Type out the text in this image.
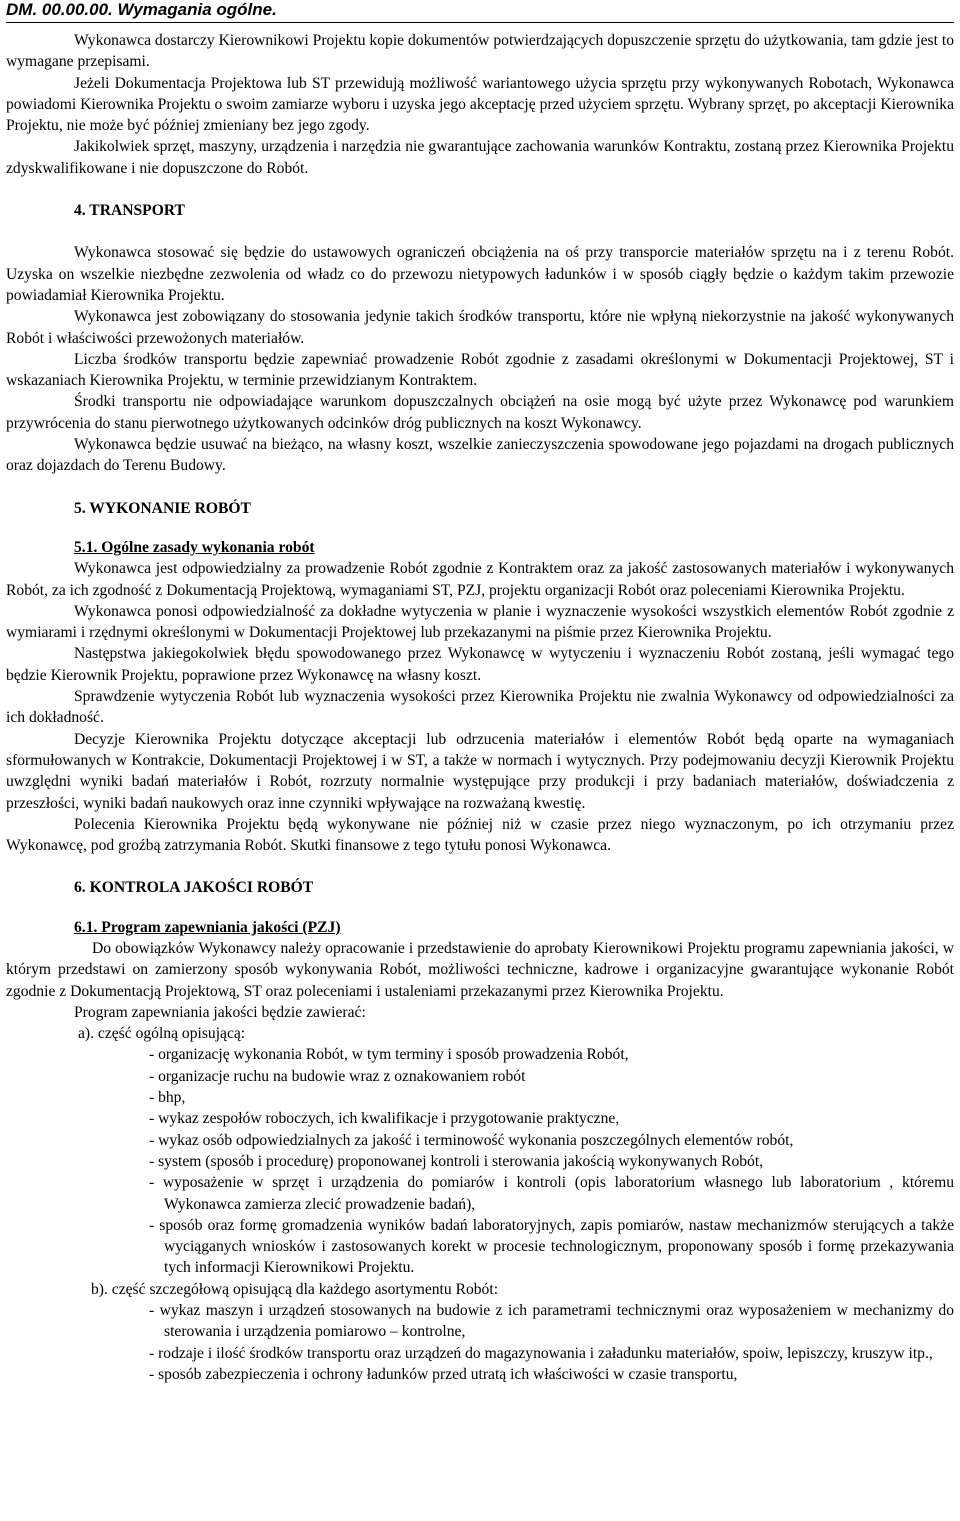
DM. 00.00.00. Wymagania ogólne.

Wykonawca dostarczy Kierownikowi Projektu kopie dokumentów potwierdzających dopuszczenie sprzętu do użytkowania, tam gdzie jest to wymagane przepisami.

Jeżeli Dokumentacja Projektowa lub ST przewidują możliwość wariantowego użycia sprzętu przy wykonywanych Robotach, Wykonawca powiadomi Kierownika Projektu o swoim zamiarze wyboru i uzyska jego akceptację przed użyciem sprzętu. Wybrany sprzęt, po akceptacji Kierownika Projektu, nie może być później zmieniany bez jego zgody.

Jakikolwiek sprzęt, maszyny, urządzenia i narzędzia nie gwarantujące zachowania warunków Kontraktu, zostaną przez Kierownika Projektu zdyskwalifikowane i nie dopuszczone do Robót.

4. TRANSPORT

Wykonawca stosować się będzie do ustawowych ograniczeń obciążenia na oś przy transporcie materiałów sprzętu na i z terenu Robót. Uzyska on wszelkie niezbędne zezwolenia od władz co do przewozu nietypowych ładunków i w sposób ciągły będzie o każdym takim przewozie powiadamiał Kierownika Projektu.

Wykonawca jest zobowiązany do stosowania jedynie takich środków transportu, które nie wpłyną niekorzystnie na jakość wykonywanych Robót i właściwości przewożonych materiałów.

Liczba środków transportu będzie zapewniać prowadzenie Robót zgodnie z zasadami określonymi w Dokumentacji Projektowej, ST i wskazaniach Kierownika Projektu, w terminie przewidzianym Kontraktem.

Środki transportu nie odpowiadające warunkom dopuszczalnych obciążeń na osie mogą być użyte przez Wykonawcę pod warunkiem przywrócenia do stanu pierwotnego użytkowanych odcinków dróg publicznych na koszt Wykonawcy.

Wykonawca będzie usuwać na bieżąco, na własny koszt, wszelkie zanieczyszczenia spowodowane jego pojazdami na drogach publicznych oraz dojazdach do Terenu Budowy.

5. WYKONANIE ROBÓT

5.1. Ogólne zasady wykonania robót

Wykonawca jest odpowiedzialny za prowadzenie Robót zgodnie z Kontraktem oraz za jakość zastosowanych materiałów i wykonywanych Robót, za ich zgodność z Dokumentacją Projektową, wymaganiami ST, PZJ, projektu organizacji Robót oraz poleceniami Kierownika Projektu.

Wykonawca ponosi odpowiedzialność za dokładne wytyczenia w planie i wyznaczenie wysokości wszystkich elementów Robót zgodnie z wymiarami i rzędnymi określonymi w Dokumentacji Projektowej lub przekazanymi na piśmie przez Kierownika Projektu.

Następstwa jakiegokolwiek błędu spowodowanego przez Wykonawcę w wytyczeniu i wyznaczeniu Robót zostaną, jeśli wymagać tego będzie Kierownik Projektu, poprawione przez Wykonawcę na własny koszt.

Sprawdzenie wytyczenia Robót lub wyznaczenia wysokości przez Kierownika Projektu nie zwalnia Wykonawcy od odpowiedzialności za ich dokładność.

Decyzje Kierownika Projektu dotyczące akceptacji lub odrzucenia materiałów i elementów Robót będą oparte na wymaganiach sformułowanych w Kontrakcie, Dokumentacji Projektowej i w ST, a także w normach i wytycznych. Przy podejmowaniu decyzji Kierownik Projektu uwzględni wyniki badań materiałów i Robót, rozrzuty normalnie występujące przy produkcji i przy badaniach materiałów, doświadczenia z przeszłości, wyniki badań naukowych oraz inne czynniki wpływające na rozważaną kwestię.

Polecenia Kierownika Projektu będą wykonywane nie później niż w czasie przez niego wyznaczonym, po ich otrzymaniu przez Wykonawcę, pod groźbą zatrzymania Robót. Skutki finansowe z tego tytułu ponosi Wykonawca.

6. KONTROLA JAKOŚCI ROBÓT

6.1. Program zapewniania jakości (PZJ)

Do obowiązków Wykonawcy należy opracowanie i przedstawienie do aprobaty Kierownikowi Projektu programu zapewniania jakości, w którym przedstawi on zamierzony sposób wykonywania Robót, możliwości techniczne, kadrowe i organizacyjne gwarantujące wykonanie Robót zgodnie z Dokumentacją Projektową, ST oraz poleceniami i ustaleniami przekazanymi przez Kierownika Projektu.

Program zapewniania jakości będzie zawierać:

a). część ogólną opisującą:

- organizację wykonania Robót, w tym terminy i sposób prowadzenia Robót,

- organizacje ruchu na budowie wraz z oznakowaniem robót

- bhp,

- wykaz zespołów roboczych, ich kwalifikacje i przygotowanie praktyczne,

- wykaz osób odpowiedzialnych za jakość i terminowość wykonania poszczególnych elementów robót,

- system (sposób i procedurę) proponowanej kontroli i sterowania jakością wykonywanych Robót,

- wyposażenie w sprzęt i urządzenia do pomiarów i kontroli (opis laboratorium własnego lub laboratorium , któremu Wykonawca zamierza zlecić prowadzenie badań),

- sposób oraz formę gromadzenia wyników badań laboratoryjnych, zapis pomiarów, nastaw mechanizmów sterujących a także wyciąganych wniosków i zastosowanych korekt w procesie technologicznym, proponowany sposób i formę przekazywania tych informacji Kierownikowi Projektu.

b). część szczegółową opisującą dla każdego asortymentu Robót:

- wykaz maszyn i urządzeń stosowanych na budowie z ich parametrami technicznymi oraz wyposażeniem w mechanizmy do sterowania i urządzenia pomiarowo – kontrolne,

- rodzaje i ilość środków transportu oraz urządzeń do magazynowania i załadunku materiałów, spoiw, lepiszczy, kruszyw itp.,

- sposób zabezpieczenia i ochrony ładunków przed utratą ich właściwości w czasie transportu,
